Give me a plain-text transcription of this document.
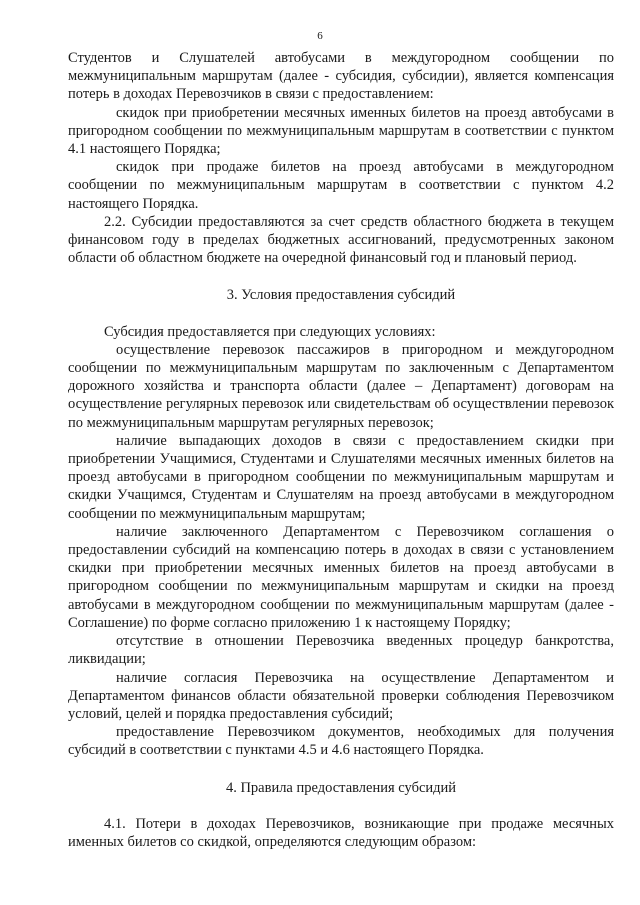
6

Студентов и Слушателей автобусами в междугородном сообщении по межмуниципальным маршрутам (далее - субсидия, субсидии), является компенсация потерь в доходах Перевозчиков в связи с предоставлением:

скидок при приобретении месячных именных билетов на проезд автобусами в пригородном сообщении по межмуниципальным маршрутам в соответствии с пунктом 4.1 настоящего Порядка;

скидок при продаже билетов на проезд автобусами в междугородном сообщении по межмуниципальным маршрутам в соответствии с пунктом 4.2 настоящего Порядка.

2.2. Субсидии предоставляются за счет средств областного бюджета в текущем финансовом году в пределах бюджетных ассигнований, предусмотренных законом области об областном бюджете на очередной финансовый год и плановый период.

3. Условия предоставления субсидий

Субсидия предоставляется при следующих условиях:

осуществление перевозок пассажиров в пригородном и междугородном сообщении по межмуниципальным маршрутам по заключенным с Департаментом дорожного хозяйства и транспорта области (далее – Департамент) договорам на осуществление регулярных перевозок или свидетельствам об осуществлении перевозок по межмуниципальным маршрутам регулярных перевозок;

наличие выпадающих доходов в связи с предоставлением скидки при приобретении Учащимися, Студентами и Слушателями месячных именных билетов на проезд автобусами в пригородном сообщении по межмуниципальным маршрутам и скидки Учащимся, Студентам и Слушателям на проезд автобусами в междугородном сообщении по межмуниципальным маршрутам;

наличие заключенного Департаментом с Перевозчиком соглашения о предоставлении субсидий на компенсацию потерь в доходах в связи с установлением скидки при приобретении месячных именных билетов на проезд автобусами в пригородном сообщении по межмуниципальным маршрутам и скидки на проезд автобусами в междугородном сообщении по межмуниципальным маршрутам (далее - Соглашение) по форме согласно приложению 1 к настоящему Порядку;

отсутствие в отношении Перевозчика введенных процедур банкротства, ликвидации;

наличие согласия Перевозчика на осуществление Департаментом и Департаментом финансов области обязательной проверки соблюдения Перевозчиком условий, целей и порядка предоставления субсидий;

предоставление Перевозчиком документов, необходимых для получения субсидий в соответствии с пунктами 4.5 и 4.6 настоящего Порядка.

4. Правила предоставления субсидий

4.1. Потери в доходах Перевозчиков, возникающие при продаже месячных именных билетов со скидкой, определяются следующим образом:
